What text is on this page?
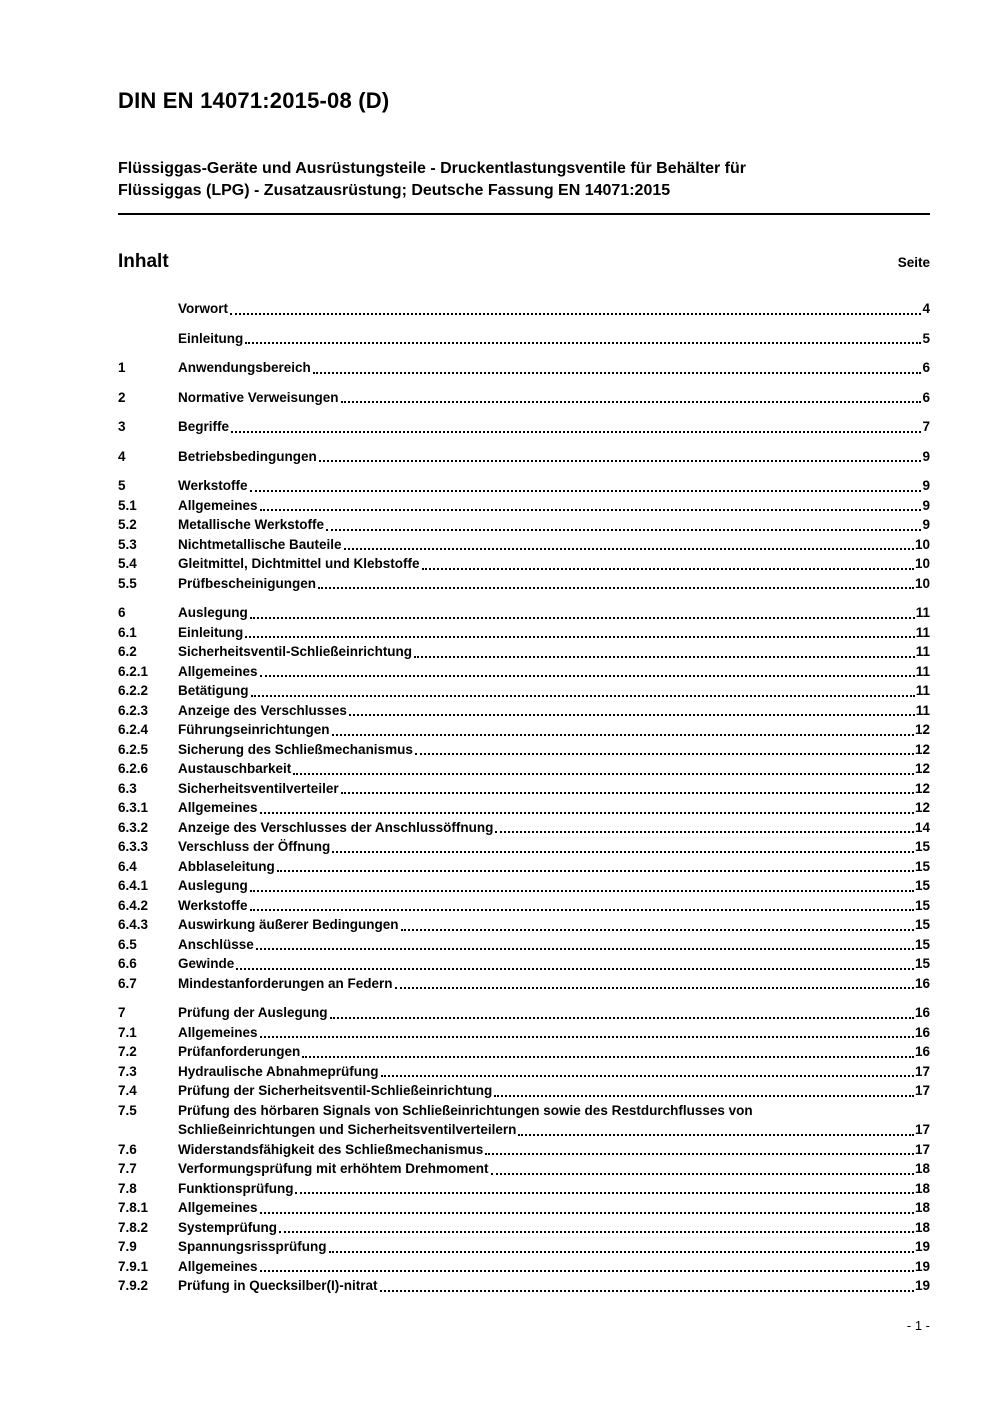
DIN EN 14071:2015-08 (D)
Flüssiggas-Geräte und Ausrüstungsteile - Druckentlastungsventile für Behälter für
Flüssiggas (LPG) - Zusatzausrüstung; Deutsche Fassung EN 14071:2015
Inhalt	Seite
Vorwort	4
Einleitung	5
1	Anwendungsbereich	6
2	Normative Verweisungen	6
3	Begriffe	7
4	Betriebsbedingungen	9
5	Werkstoffe	9
5.1	Allgemeines	9
5.2	Metallische Werkstoffe	9
5.3	Nichtmetallische Bauteile	10
5.4	Gleitmittel, Dichtmittel und Klebstoffe	10
5.5	Prüfbescheinigungen	10
6	Auslegung	11
6.1	Einleitung	11
6.2	Sicherheitsventil-Schließeinrichtung	11
6.2.1	Allgemeines	11
6.2.2	Betätigung	11
6.2.3	Anzeige des Verschlusses	11
6.2.4	Führungseinrichtungen	12
6.2.5	Sicherung des Schließmechanismus	12
6.2.6	Austauschbarkeit	12
6.3	Sicherheitsventilverteiler	12
6.3.1	Allgemeines	12
6.3.2	Anzeige des Verschlusses der Anschlussöffnung	14
6.3.3	Verschluss der Öffnung	15
6.4	Abblaseleitung	15
6.4.1	Auslegung	15
6.4.2	Werkstoffe	15
6.4.3	Auswirkung äußerer Bedingungen	15
6.5	Anschlüsse	15
6.6	Gewinde	15
6.7	Mindestanforderungen an Federn	16
7	Prüfung der Auslegung	16
7.1	Allgemeines	16
7.2	Prüfanforderungen	16
7.3	Hydraulische Abnahmeprüfung	17
7.4	Prüfung der Sicherheitsventil-Schließeinrichtung	17
7.5	Prüfung des hörbaren Signals von Schließeinrichtungen sowie des Restdurchflusses von
Schließeinrichtungen und Sicherheitsventilverteilern	17
7.6	Widerstandsfähigkeit des Schließmechanismus	17
7.7	Verformungsprüfung mit erhöhtem Drehmoment	18
7.8	Funktionsprüfung	18
7.8.1	Allgemeines	18
7.8.2	Systemprüfung	18
7.9	Spannungsrissprüfung	19
7.9.1	Allgemeines	19
7.9.2	Prüfung in Quecksilber(I)-nitrat	19
- 1 -
